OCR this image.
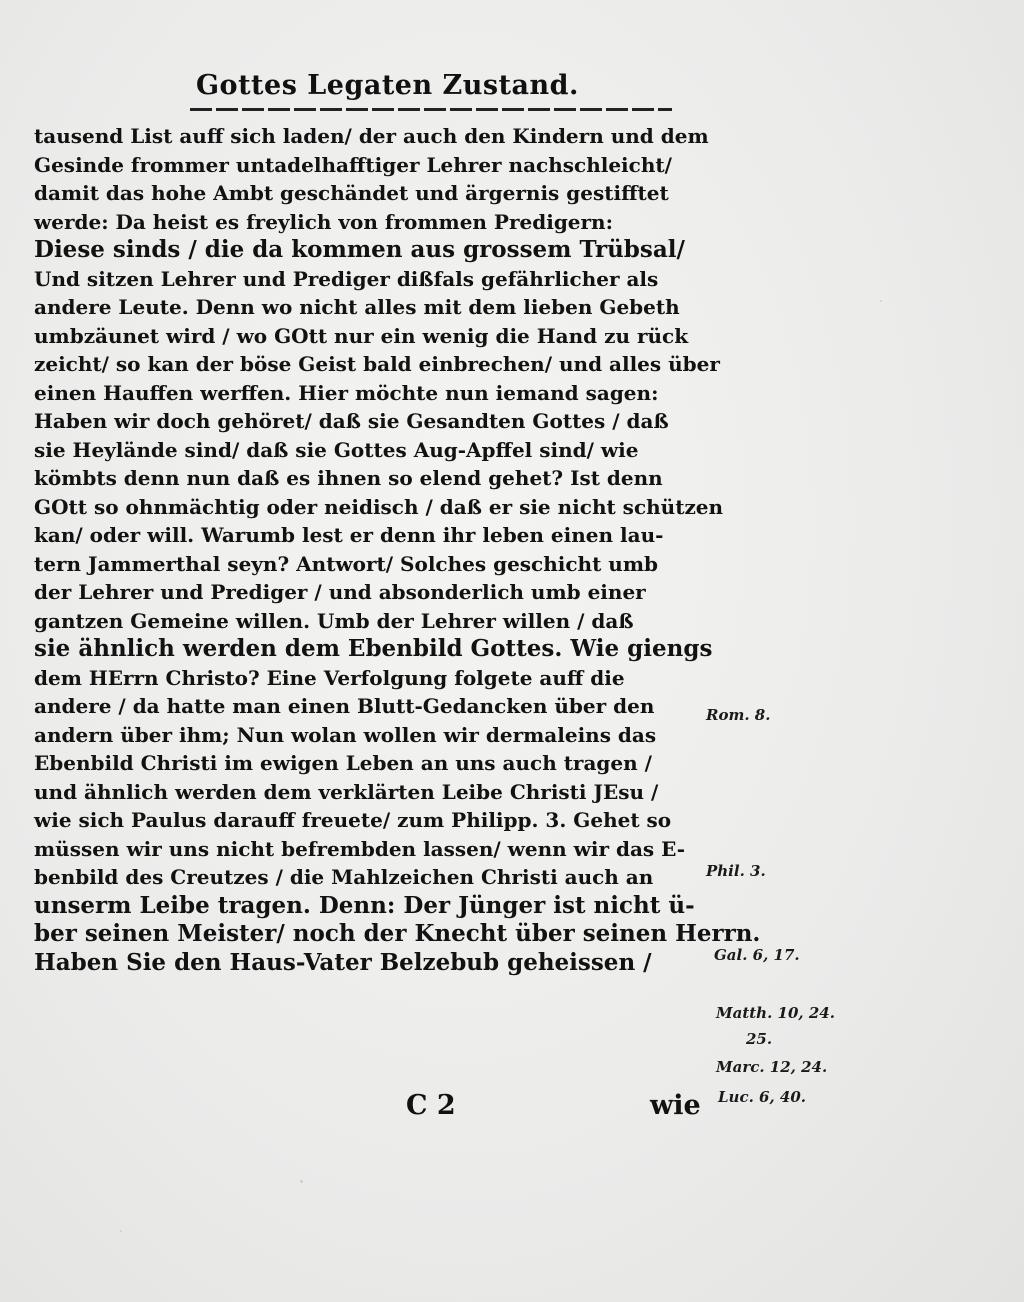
Gottes Legaten Zustand.
tausend List auff sich laden/ der auch den Kindern und dem
Gesinde frommer untadelhafftiger Lehrer nachschleicht/
damit das hohe Ambt geschändet und ärgernis gestifftet
werde: Da heist es freylich von frommen Predigern:
Diese sinds / die da kommen aus grossem Trübsal/
Und sitzen Lehrer und Prediger dißfals gefährlicher als
andere Leute. Denn wo nicht alles mit dem lieben Gebeth
umbzäunet wird / wo GOtt nur ein wenig die Hand zu rück
zeicht/ so kan der böse Geist bald einbrechen/ und alles über
einen Hauffen werffen. Hier möchte nun iemand sagen:
Haben wir doch gehöret/ daß sie Gesandten Gottes / daß
sie Heylände sind/ daß sie Gottes Aug-Apffel sind/ wie
kömbts denn nun daß es ihnen so elend gehet? Ist denn
GOtt so ohnmächtig oder neidisch / daß er sie nicht schützen
kan/ oder will. Warumb lest er denn ihr leben einen lau-
tern Jammerthal seyn? Antwort/ Solches geschicht umb
der Lehrer und Prediger / und absonderlich umb einer
gantzen Gemeine willen. Umb der Lehrer willen / daß
sie ähnlich werden dem Ebenbild Gottes. Wie giengs
dem HErrn Christo? Eine Verfolgung folgete auff die
andere / da hatte man einen Blutt-Gedancken über den
andern über ihm; Nun wolan wollen wir dermaleins das
Ebenbild Christi im ewigen Leben an uns auch tragen /
und ähnlich werden dem verklärten Leibe Christi JEsu /
wie sich Paulus darauff freuete/ zum Philipp. 3. Gehet so
müssen wir uns nicht befrembden lassen/ wenn wir das E-
benbild des Creutzes / die Mahlzeichen Christi auch an
unserm Leibe tragen. Denn: Der Jünger ist nicht ü-
ber seinen Meister/ noch der Knecht über seinen Herrn.
Haben Sie den Haus-Vater Belzebub geheissen /
Rom. 8.
Phil. 3.
Gal. 6, 17.
Matth. 10, 24.
25.
Marc. 12, 24.
Luc. 6, 40.
C 2	wie
